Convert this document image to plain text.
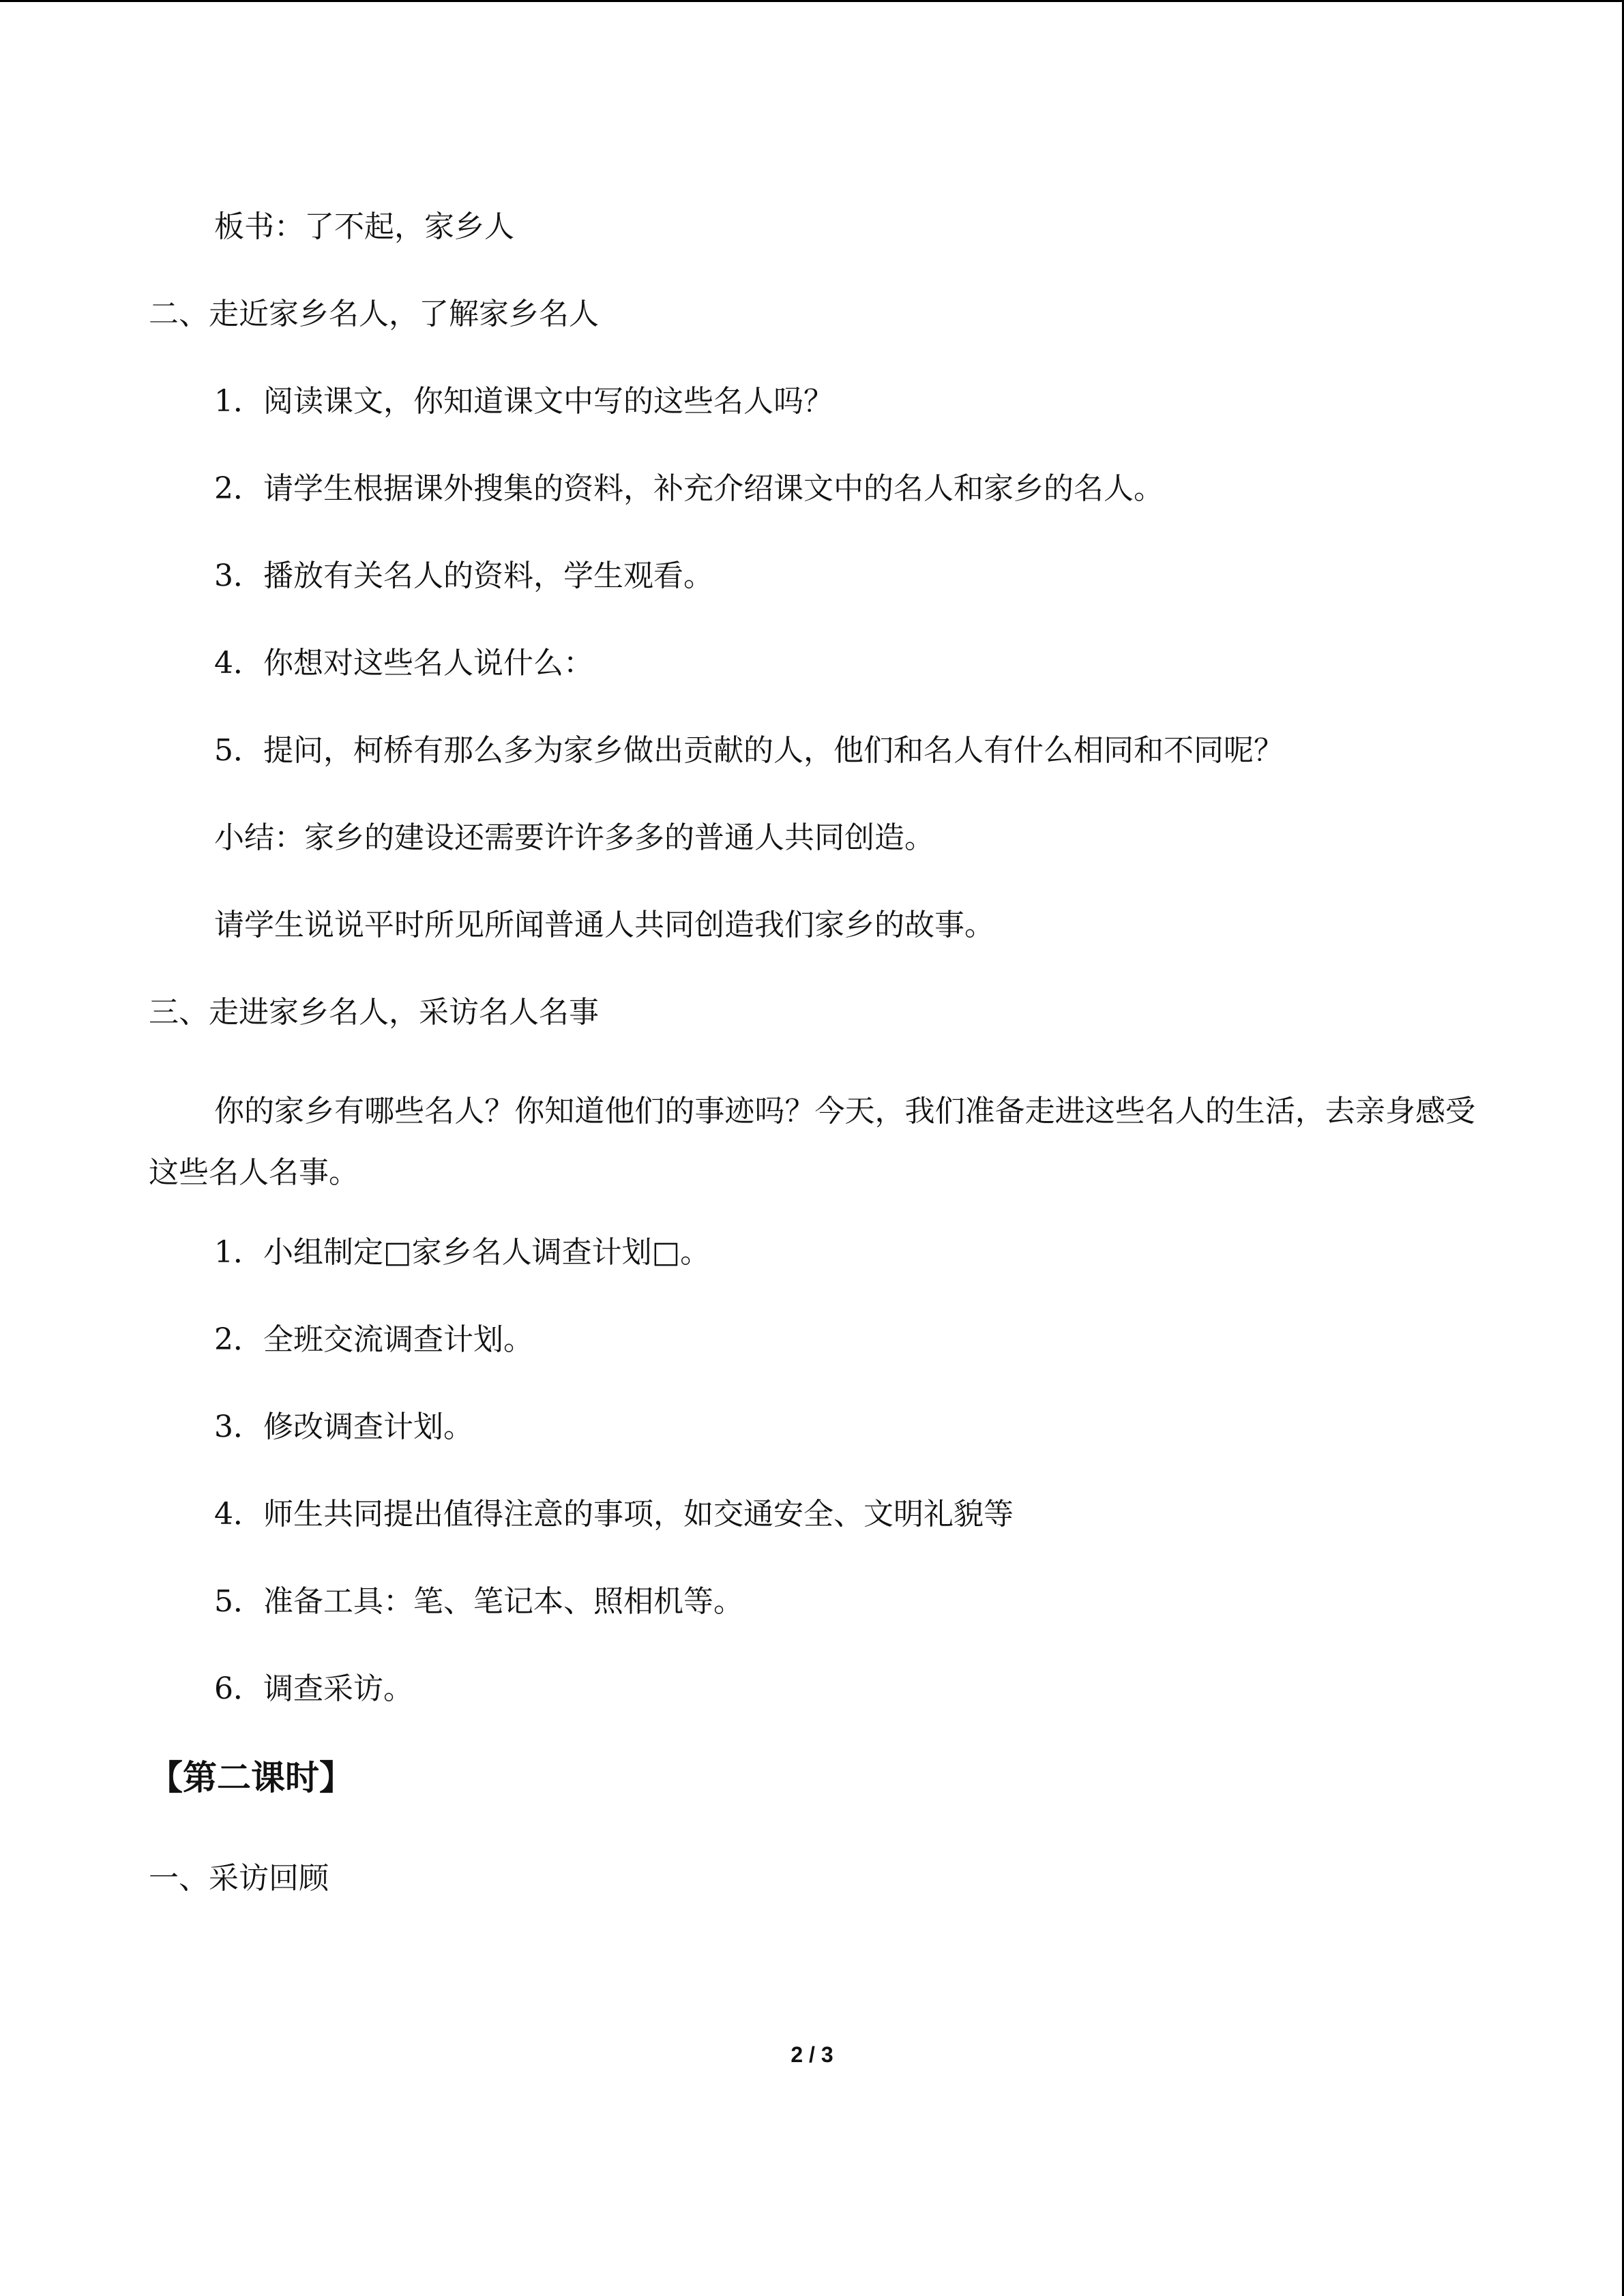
板书：了不起，家乡人
二、走近家乡名人，了解家乡名人
1．阅读课文，你知道课文中写的这些名人吗？
2．请学生根据课外搜集的资料，补充介绍课文中的名人和家乡的名人。
3．播放有关名人的资料，学生观看。
4．你想对这些名人说什么：
5．提问，柯桥有那么多为家乡做出贡献的人，他们和名人有什么相同和不同呢？
小结：家乡的建设还需要许许多多的普通人共同创造。
请学生说说平时所见所闻普通人共同创造我们家乡的故事。
三、走进家乡名人，采访名人名事
你的家乡有哪些名人？你知道他们的事迹吗？今天，我们准备走进这些名人的生活，去亲身感受这些名人名事。
1．小组制定□家乡名人调查计划□。
2．全班交流调查计划。
3．修改调查计划。
4．师生共同提出值得注意的事项，如交通安全、文明礼貌等
5．准备工具：笔、笔记本、照相机等。
6．调查采访。
【第二课时】
一、采访回顾
2 / 3
